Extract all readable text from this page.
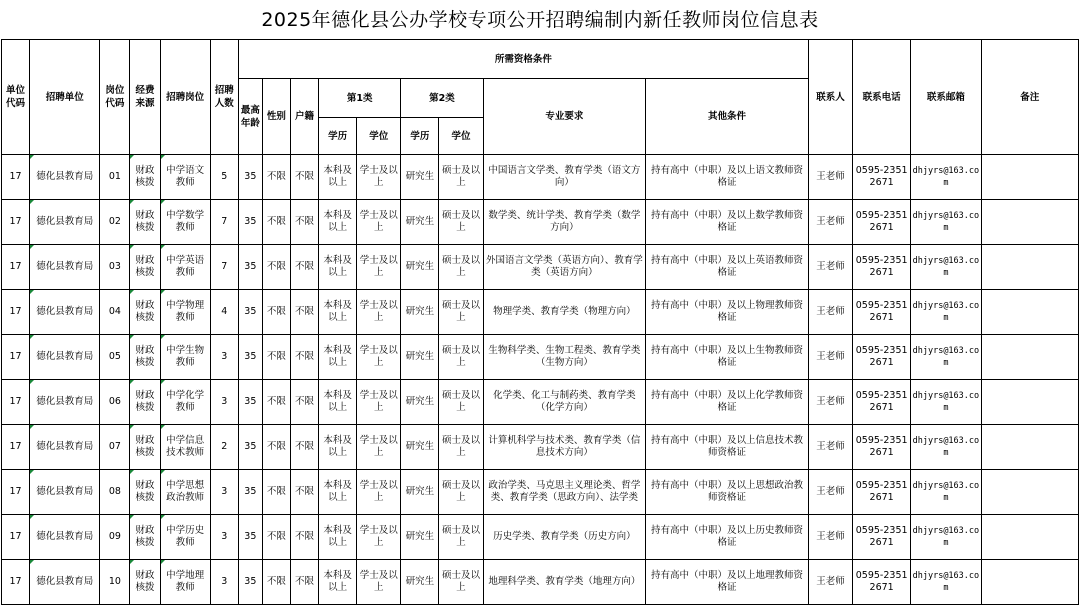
2025年德化县公办学校专项公开招聘编制内新任教师岗位信息表
单位代码	招聘单位	岗位代码	经费来源	招聘岗位	招聘人数	所需资格条件									联系人	联系电话	联系邮箱	备注
						最高年龄	性别	户籍	第1类		第2类		专业要求	其他条件				
									学历	学位	学历	学位						
17	德化县教育局	01	财政核拨	中学语文教师	5	35	不限	不限	本科及以上	学士及以上	研究生	硕士及以上	中国语言文学类、教育学类（语文方向）	持有高中（中职）及以上语文教师资格证	王老师	0595-23512671	dhjyrs@163.com	
17	德化县教育局	02	财政核拨	中学数学教师	7	35	不限	不限	本科及以上	学士及以上	研究生	硕士及以上	数学类、统计学类、教育学类（数学方向）	持有高中（中职）及以上数学教师资格证	王老师	0595-23512671	dhjyrs@163.com	
17	德化县教育局	03	财政核拨	中学英语教师	7	35	不限	不限	本科及以上	学士及以上	研究生	硕士及以上	外国语言文学类（英语方向）、教育学类（英语方向）	持有高中（中职）及以上英语教师资格证	王老师	0595-23512671	dhjyrs@163.com	
17	德化县教育局	04	财政核拨	中学物理教师	4	35	不限	不限	本科及以上	学士及以上	研究生	硕士及以上	物理学类、教育学类（物理方向）	持有高中（中职）及以上物理教师资格证	王老师	0595-23512671	dhjyrs@163.com	
17	德化县教育局	05	财政核拨	中学生物教师	3	35	不限	不限	本科及以上	学士及以上	研究生	硕士及以上	生物科学类、生物工程类、教育学类（生物方向）	持有高中（中职）及以上生物教师资格证	王老师	0595-23512671	dhjyrs@163.com	
17	德化县教育局	06	财政核拨	中学化学教师	3	35	不限	不限	本科及以上	学士及以上	研究生	硕士及以上	化学类、化工与制药类、教育学类（化学方向）	持有高中（中职）及以上化学教师资格证	王老师	0595-23512671	dhjyrs@163.com	
17	德化县教育局	07	财政核拨	中学信息技术教师	2	35	不限	不限	本科及以上	学士及以上	研究生	硕士及以上	计算机科学与技术类、教育学类（信息技术方向）	持有高中（中职）及以上信息技术教师资格证	王老师	0595-23512671	dhjyrs@163.com	
17	德化县教育局	08	财政核拨	中学思想政治教师	3	35	不限	不限	本科及以上	学士及以上	研究生	硕士及以上	政治学类、马克思主义理论类、哲学类、教育学类（思政方向）、法学类	持有高中（中职）及以上思想政治教师资格证	王老师	0595-23512671	dhjyrs@163.com	
17	德化县教育局	09	财政核拨	中学历史教师	3	35	不限	不限	本科及以上	学士及以上	研究生	硕士及以上	历史学类、教育学类（历史方向）	持有高中（中职）及以上历史教师资格证	王老师	0595-23512671	dhjyrs@163.com	
17	德化县教育局	10	财政核拨	中学地理教师	3	35	不限	不限	本科及以上	学士及以上	研究生	硕士及以上	地理科学类、教育学类（地理方向）	持有高中（中职）及以上地理教师资格证	王老师	0595-23512671	dhjyrs@163.com	
